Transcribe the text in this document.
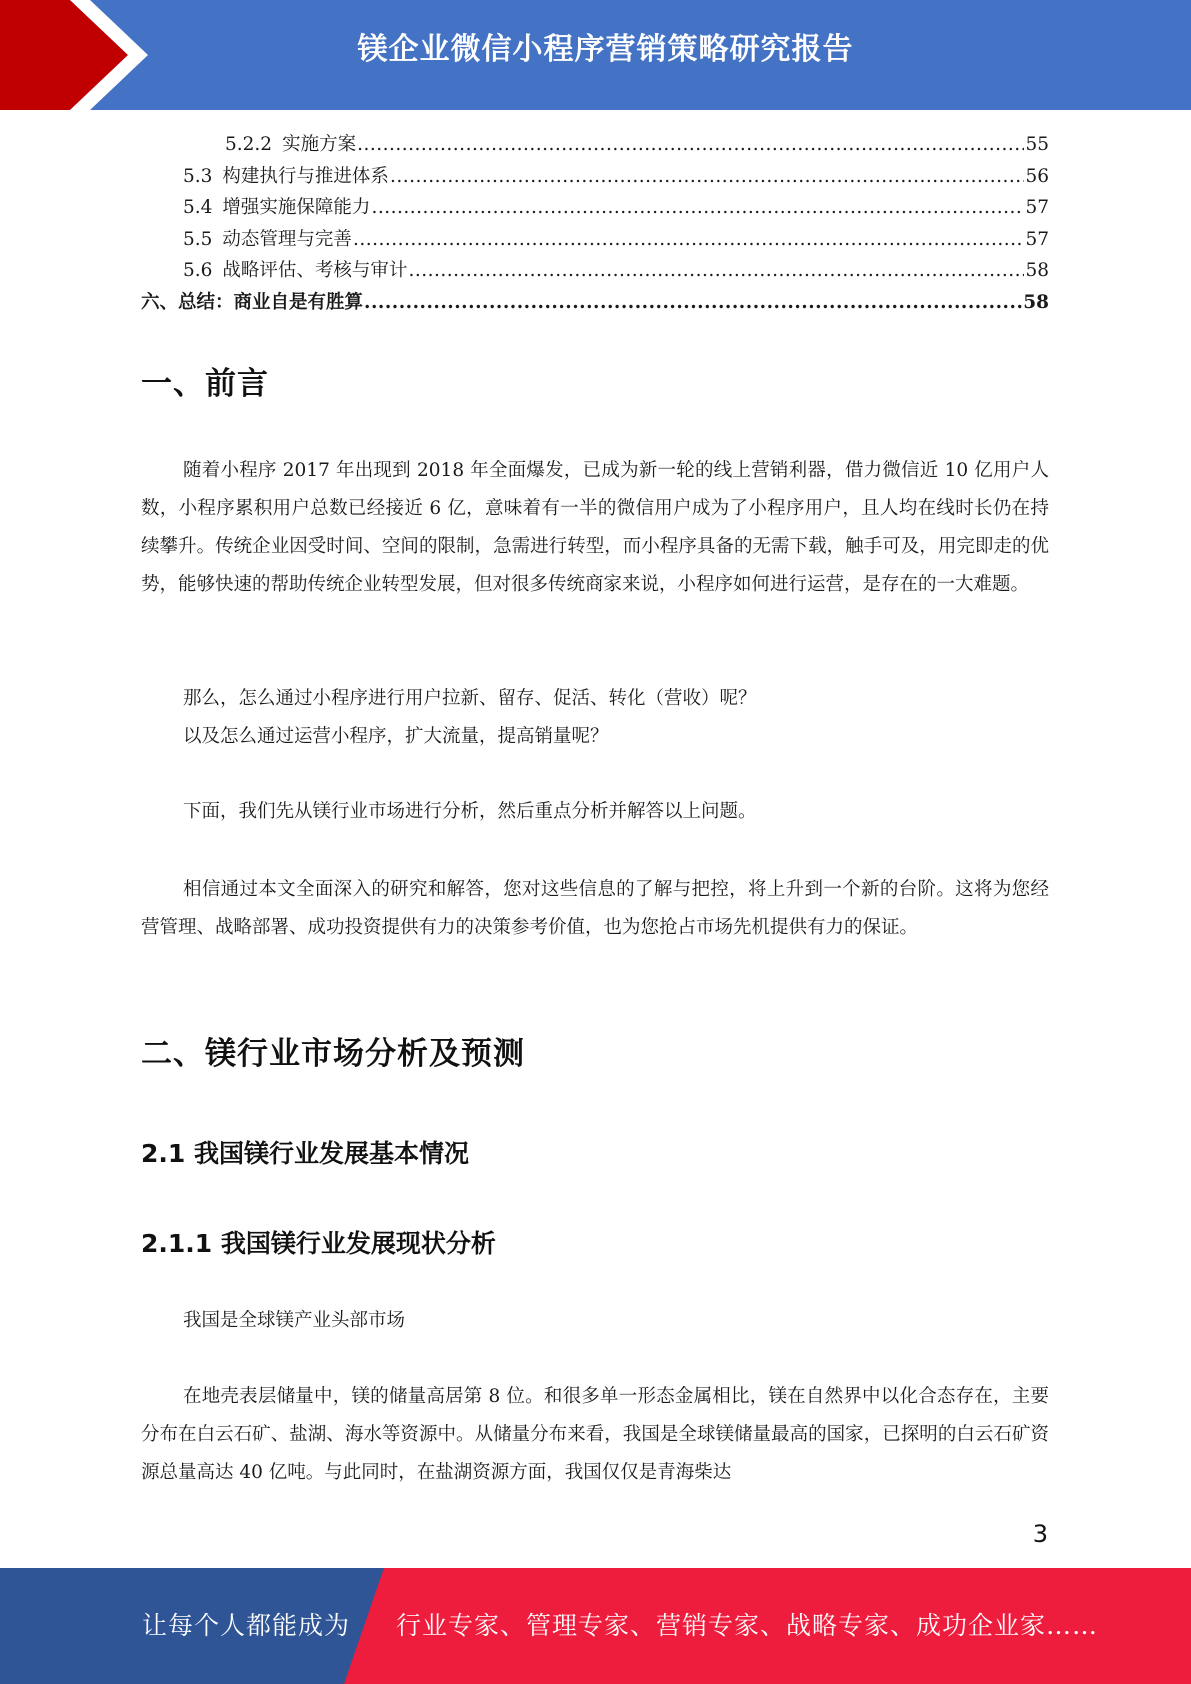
镁企业微信小程序营销策略研究报告
5.2.2 实施方案 .....	55
5.3 构建执行与推进体系 .....	56
5.4 增强实施保障能力 .....	57
5.5 动态管理与完善 .....	57
5.6 战略评估、考核与审计 .....	58
六、总结：商业自是有胜算 .....	58
一、前言

随着小程序 2017 年出现到 2018 年全面爆发，已成为新一轮的线上营销利器，借力微信近 10 亿用户人数，小程序累积用户总数已经接近 6 亿，意味着有一半的微信用户成为了小程序用户，且人均在线时长仍在持续攀升。传统企业因受时间、空间的限制，急需进行转型，而小程序具备的无需下载，触手可及，用完即走的优势，能够快速的帮助传统企业转型发展，但对很多传统商家来说，小程序如何进行运营，是存在的一大难题。

那么，怎么通过小程序进行用户拉新、留存、促活、转化（营收）呢？

以及怎么通过运营小程序，扩大流量，提高销量呢？

下面，我们先从镁行业市场进行分析，然后重点分析并解答以上问题。

相信通过本文全面深入的研究和解答，您对这些信息的了解与把控，将上升到一个新的台阶。这将为您经营管理、战略部署、成功投资提供有力的决策参考价值，也为您抢占市场先机提供有力的保证。

二、镁行业市场分析及预测
2.1 我国镁行业发展基本情况
2.1.1 我国镁行业发展现状分析

我国是全球镁产业头部市场

在地壳表层储量中，镁的储量高居第 8 位。和很多单一形态金属相比，镁在自然界中以化合态存在，主要分布在白云石矿、盐湖、海水等资源中。从储量分布来看，我国是全球镁储量最高的国家，已探明的白云石矿资源总量高达 40 亿吨。与此同时，在盐湖资源方面，我国仅仅是青海柴达

3
让每个人都能成为 行业专家、管理专家、营销专家、战略专家、成功企业家……
